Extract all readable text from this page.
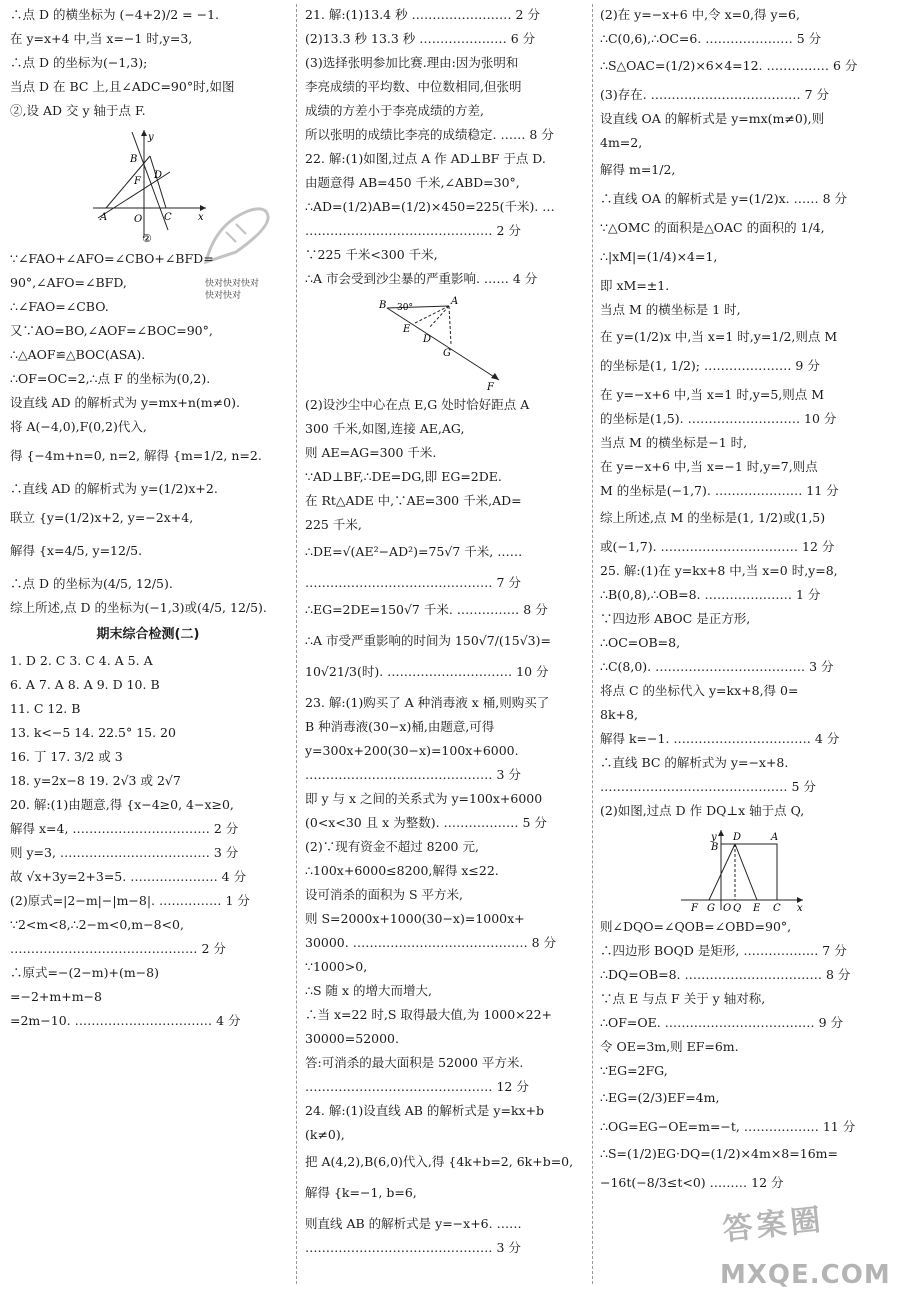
∴点 D 的横坐标为 (−4+2)/2 = −1.
在 y=x+4 中,当 x=−1 时,y=3,
∴点 D 的坐标为(−1,3);
当点 D 在 BC 上,且∠ADC=90°时,如图
②,设 AD 交 y 轴于点 F.
y
B
F
D
A	O C	x
②
快对快对快对
快对快对
∵∠FAO+∠AFO=∠CBO+∠BFD=
90°,∠AFO=∠BFD,
∴∠FAO=∠CBO.
又∵AO=BO,∠AOF=∠BOC=90°,
∴△AOF≌△BOC(ASA).
∴OF=OC=2,∴点 F 的坐标为(0,2).
设直线 AD 的解析式为 y=mx+n(m≠0).
将 A(−4,0),F(0,2)代入,
得 {−4m+n=0, n=2, 解得 {m=1/2, n=2.
∴直线 AD 的解析式为 y=(1/2)x+2.
联立 {y=(1/2)x+2, y=−2x+4,
解得 {x=4/5, y=12/5.
∴点 D 的坐标为(4/5, 12/5).
综上所述,点 D 的坐标为(−1,3)或(4/5, 12/5).
期末综合检测(二)
1. D 2. C 3. C 4. A 5. A
6. A 7. A 8. A 9. D 10. B
11. C 12. B
13. k<−5 14. 22.5° 15. 20
16. 丁 17. 3/2 或 3
18. y=2x−8 19. 2√3 或 2√7
20. 解:(1)由题意,得 {x−4≥0, 4−x≥0,
解得 x=4, …………………………… 2 分
则 y=3, ……………………………… 3 分
故 √x+3y=2+3=5. ………………… 4 分
(2)原式=|2−m|−|m−8|. …………… 1 分
∵2<m<8,∴2−m<0,m−8<0,
……………………………………… 2 分
∴原式=−(2−m)+(m−8)
=−2+m+m−8
=2m−10. …………………………… 4 分
21. 解:(1)13.4 秒 …………………… 2 分
(2)13.3 秒 13.3 秒 ………………… 6 分
(3)选择张明参加比赛.理由:因为张明和
李亮成绩的平均数、中位数相同,但张明
成绩的方差小于李亮成绩的方差,
所以张明的成绩比李亮的成绩稳定. …… 8 分
22. 解:(1)如图,过点 A 作 AD⊥BF 于点 D.
由题意得 AB=450 千米,∠ABD=30°,
∴AD=(1/2)AB=(1/2)×450=225(千米). …
……………………………………… 2 分
∵225 千米<300 千米,
∴A 市会受到沙尘暴的严重影响. …… 4 分
B 30°
A
E
D
G
F
(2)设沙尘中心在点 E,G 处时恰好距点 A
300 千米,如图,连接 AE,AG,
则 AE=AG=300 千米.
∵AD⊥BF,∴DE=DG,即 EG=2DE.
在 Rt△ADE 中,∵AE=300 千米,AD=
225 千米,
∴DE=√(AE²−AD²)=75√7 千米, ……
……………………………………… 7 分
∴EG=2DE=150√7 千米. …………… 8 分
∴A 市受严重影响的时间为 150√7/(15√3)=
10√21/3(时). ………………………… 10 分
23. 解:(1)购买了 A 种消毒液 x 桶,则购买了
B 种消毒液(30−x)桶,由题意,可得
y=300x+200(30−x)=100x+6000.
……………………………………… 3 分
即 y 与 x 之间的关系式为 y=100x+6000
(0<x<30 且 x 为整数). ……………… 5 分
(2)∵现有资金不超过 8200 元,
∴100x+6000≤8200,解得 x≤22.
设可消杀的面积为 S 平方米,
则 S=2000x+1000(30−x)=1000x+
30000. …………………………………… 8 分
∵1000>0,
∴S 随 x 的增大而增大,
∴当 x=22 时,S 取得最大值,为 1000×22+
30000=52000.
答:可消杀的最大面积是 52000 平方米.
……………………………………… 12 分
24. 解:(1)设直线 AB 的解析式是 y=kx+b
(k≠0),
把 A(4,2),B(6,0)代入,得 {4k+b=2, 6k+b=0,
解得 {k=−1, b=6,
则直线 AB 的解析式是 y=−x+6. ……
……………………………………… 3 分
(2)在 y=−x+6 中,令 x=0,得 y=6,
∴C(0,6),∴OC=6. ………………… 5 分
∴S△OAC=(1/2)×6×4=12. …………… 6 分
(3)存在. ……………………………… 7 分
设直线 OA 的解析式是 y=mx(m≠0),则
4m=2,
解得 m=1/2,
∴直线 OA 的解析式是 y=(1/2)x. …… 8 分
∵△OMC 的面积是△OAC 的面积的 1/4,
∴|xM|=(1/4)×4=1,
即 xM=±1.
当点 M 的横坐标是 1 时,
在 y=(1/2)x 中,当 x=1 时,y=1/2,则点 M
的坐标是(1, 1/2); ………………… 9 分
在 y=−x+6 中,当 x=1 时,y=5,则点 M
的坐标是(1,5). ……………………… 10 分
当点 M 的横坐标是−1 时,
在 y=−x+6 中,当 x=−1 时,y=7,则点
M 的坐标是(−1,7). ………………… 11 分
综上所述,点 M 的坐标是(1, 1/2)或(1,5)
或(−1,7). …………………………… 12 分
25. 解:(1)在 y=kx+8 中,当 x=0 时,y=8,
∴B(0,8),∴OB=8. ………………… 1 分
∵四边形 ABOC 是正方形,
∴OC=OB=8,
∴C(8,0). ……………………………… 3 分
将点 C 的坐标代入 y=kx+8,得 0=
8k+8,
解得 k=−1. …………………………… 4 分
∴直线 BC 的解析式为 y=−x+8.
……………………………………… 5 分
(2)如图,过点 D 作 DQ⊥x 轴于点 Q,
y
B
D	A
F G O Q E C x
则∠DQO=∠QOB=∠OBD=90°,
∴四边形 BOQD 是矩形, ……………… 7 分
∴DQ=OB=8. …………………………… 8 分
∵点 E 与点 F 关于 y 轴对称,
∴OF=OE. ……………………………… 9 分
令 OE=3m,则 EF=6m.
∵EG=2FG,
∴EG=(2/3)EF=4m,
∴OG=EG−OE=m=−t, ……………… 11 分
∴S=(1/2)EG·DQ=(1/2)×4m×8=16m=
−16t(−8/3≤t<0) ……… 12 分
答案圈
MXQE.COM
